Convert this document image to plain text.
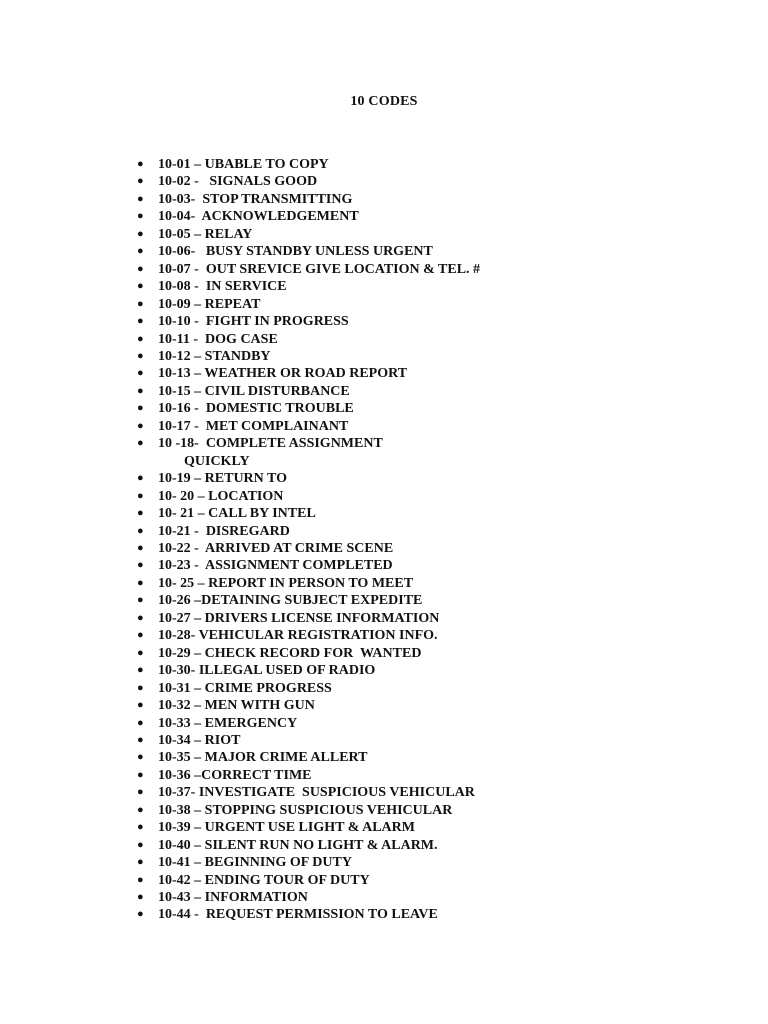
10 CODES
● 10-01 – UBABLE TO COPY
● 10-02 -   SIGNALS GOOD
● 10-03-  STOP TRANSMITTING
● 10-04-  ACKNOWLEDGEMENT
● 10-05 – RELAY
● 10-06-   BUSY STANDBY UNLESS URGENT
● 10-07 -  OUT SREVICE GIVE LOCATION & TEL. #
● 10-08 -  IN SERVICE
● 10-09 – REPEAT
● 10-10 -  FIGHT IN PROGRESS
● 10-11 -  DOG CASE
● 10-12 – STANDBY
● 10-13 – WEATHER OR ROAD REPORT
● 10-15 – CIVIL DISTURBANCE
● 10-16 -  DOMESTIC TROUBLE
● 10-17 -  MET COMPLAINANT
● 10 -18-  COMPLETE ASSIGNMENT
QUICKLY
● 10-19 – RETURN TO
● 10- 20 – LOCATION
● 10- 21 – CALL BY INTEL
● 10-21 -  DISREGARD
● 10-22 -  ARRIVED AT CRIME SCENE
● 10-23 -  ASSIGNMENT COMPLETED
● 10- 25 – REPORT IN PERSON TO MEET
● 10-26 –DETAINING SUBJECT EXPEDITE
● 10-27 – DRIVERS LICENSE INFORMATION
● 10-28- VEHICULAR REGISTRATION INFO.
● 10-29 – CHECK RECORD FOR  WANTED
● 10-30- ILLEGAL USED OF RADIO
● 10-31 – CRIME PROGRESS
● 10-32 – MEN WITH GUN
● 10-33 – EMERGENCY
● 10-34 – RIOT
● 10-35 – MAJOR CRIME ALLERT
● 10-36 –CORRECT TIME
● 10-37- INVESTIGATE  SUSPICIOUS VEHICULAR
● 10-38 – STOPPING SUSPICIOUS VEHICULAR
● 10-39 – URGENT USE LIGHT & ALARM
● 10-40 – SILENT RUN NO LIGHT & ALARM.
● 10-41 – BEGINNING OF DUTY
● 10-42 – ENDING TOUR OF DUTY
● 10-43 – INFORMATION
● 10-44 -  REQUEST PERMISSION TO LEAVE
